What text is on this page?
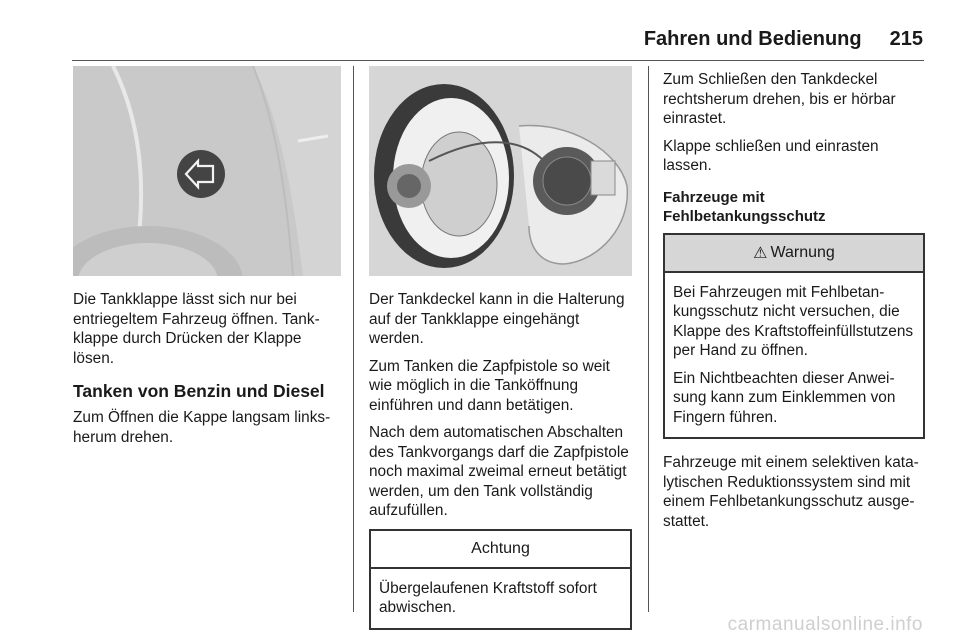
Fahren und Bedienung 215

Die Tankklappe lässt sich nur bei entriegeltem Fahrzeug öffnen. Tankklappe durch Drücken der Klappe lösen.

Tanken von Benzin und Diesel

Zum Öffnen die Kappe langsam linksherum drehen.

Der Tankdeckel kann in die Halterung auf der Tankklappe eingehängt werden.

Zum Tanken die Zapfpistole so weit wie möglich in die Tanköffnung einführen und dann betätigen.

Nach dem automatischen Abschalten des Tankvorgangs darf die Zapfpistole noch maximal zweimal erneut betätigt werden, um den Tank vollständig aufzufüllen.

Achtung

Übergelaufenen Kraftstoff sofort abwischen.

Zum Schließen den Tankdeckel rechtsherum drehen, bis er hörbar einrastet.

Klappe schließen und einrasten lassen.

Fahrzeuge mit Fehlbetankungsschutz
⚠ Warnung

Bei Fahrzeugen mit Fehlbetankungsschutz nicht versuchen, die Klappe des Kraftstoffeinfüllstutzens per Hand zu öffnen.

Ein Nichtbeachten dieser Anweisung kann zum Einklemmen von Fingern führen.

Fahrzeuge mit einem selektiven katalytischen Reduktionssystem sind mit einem Fehlbetankungsschutz ausgestattet.

carmanualsonline.info
